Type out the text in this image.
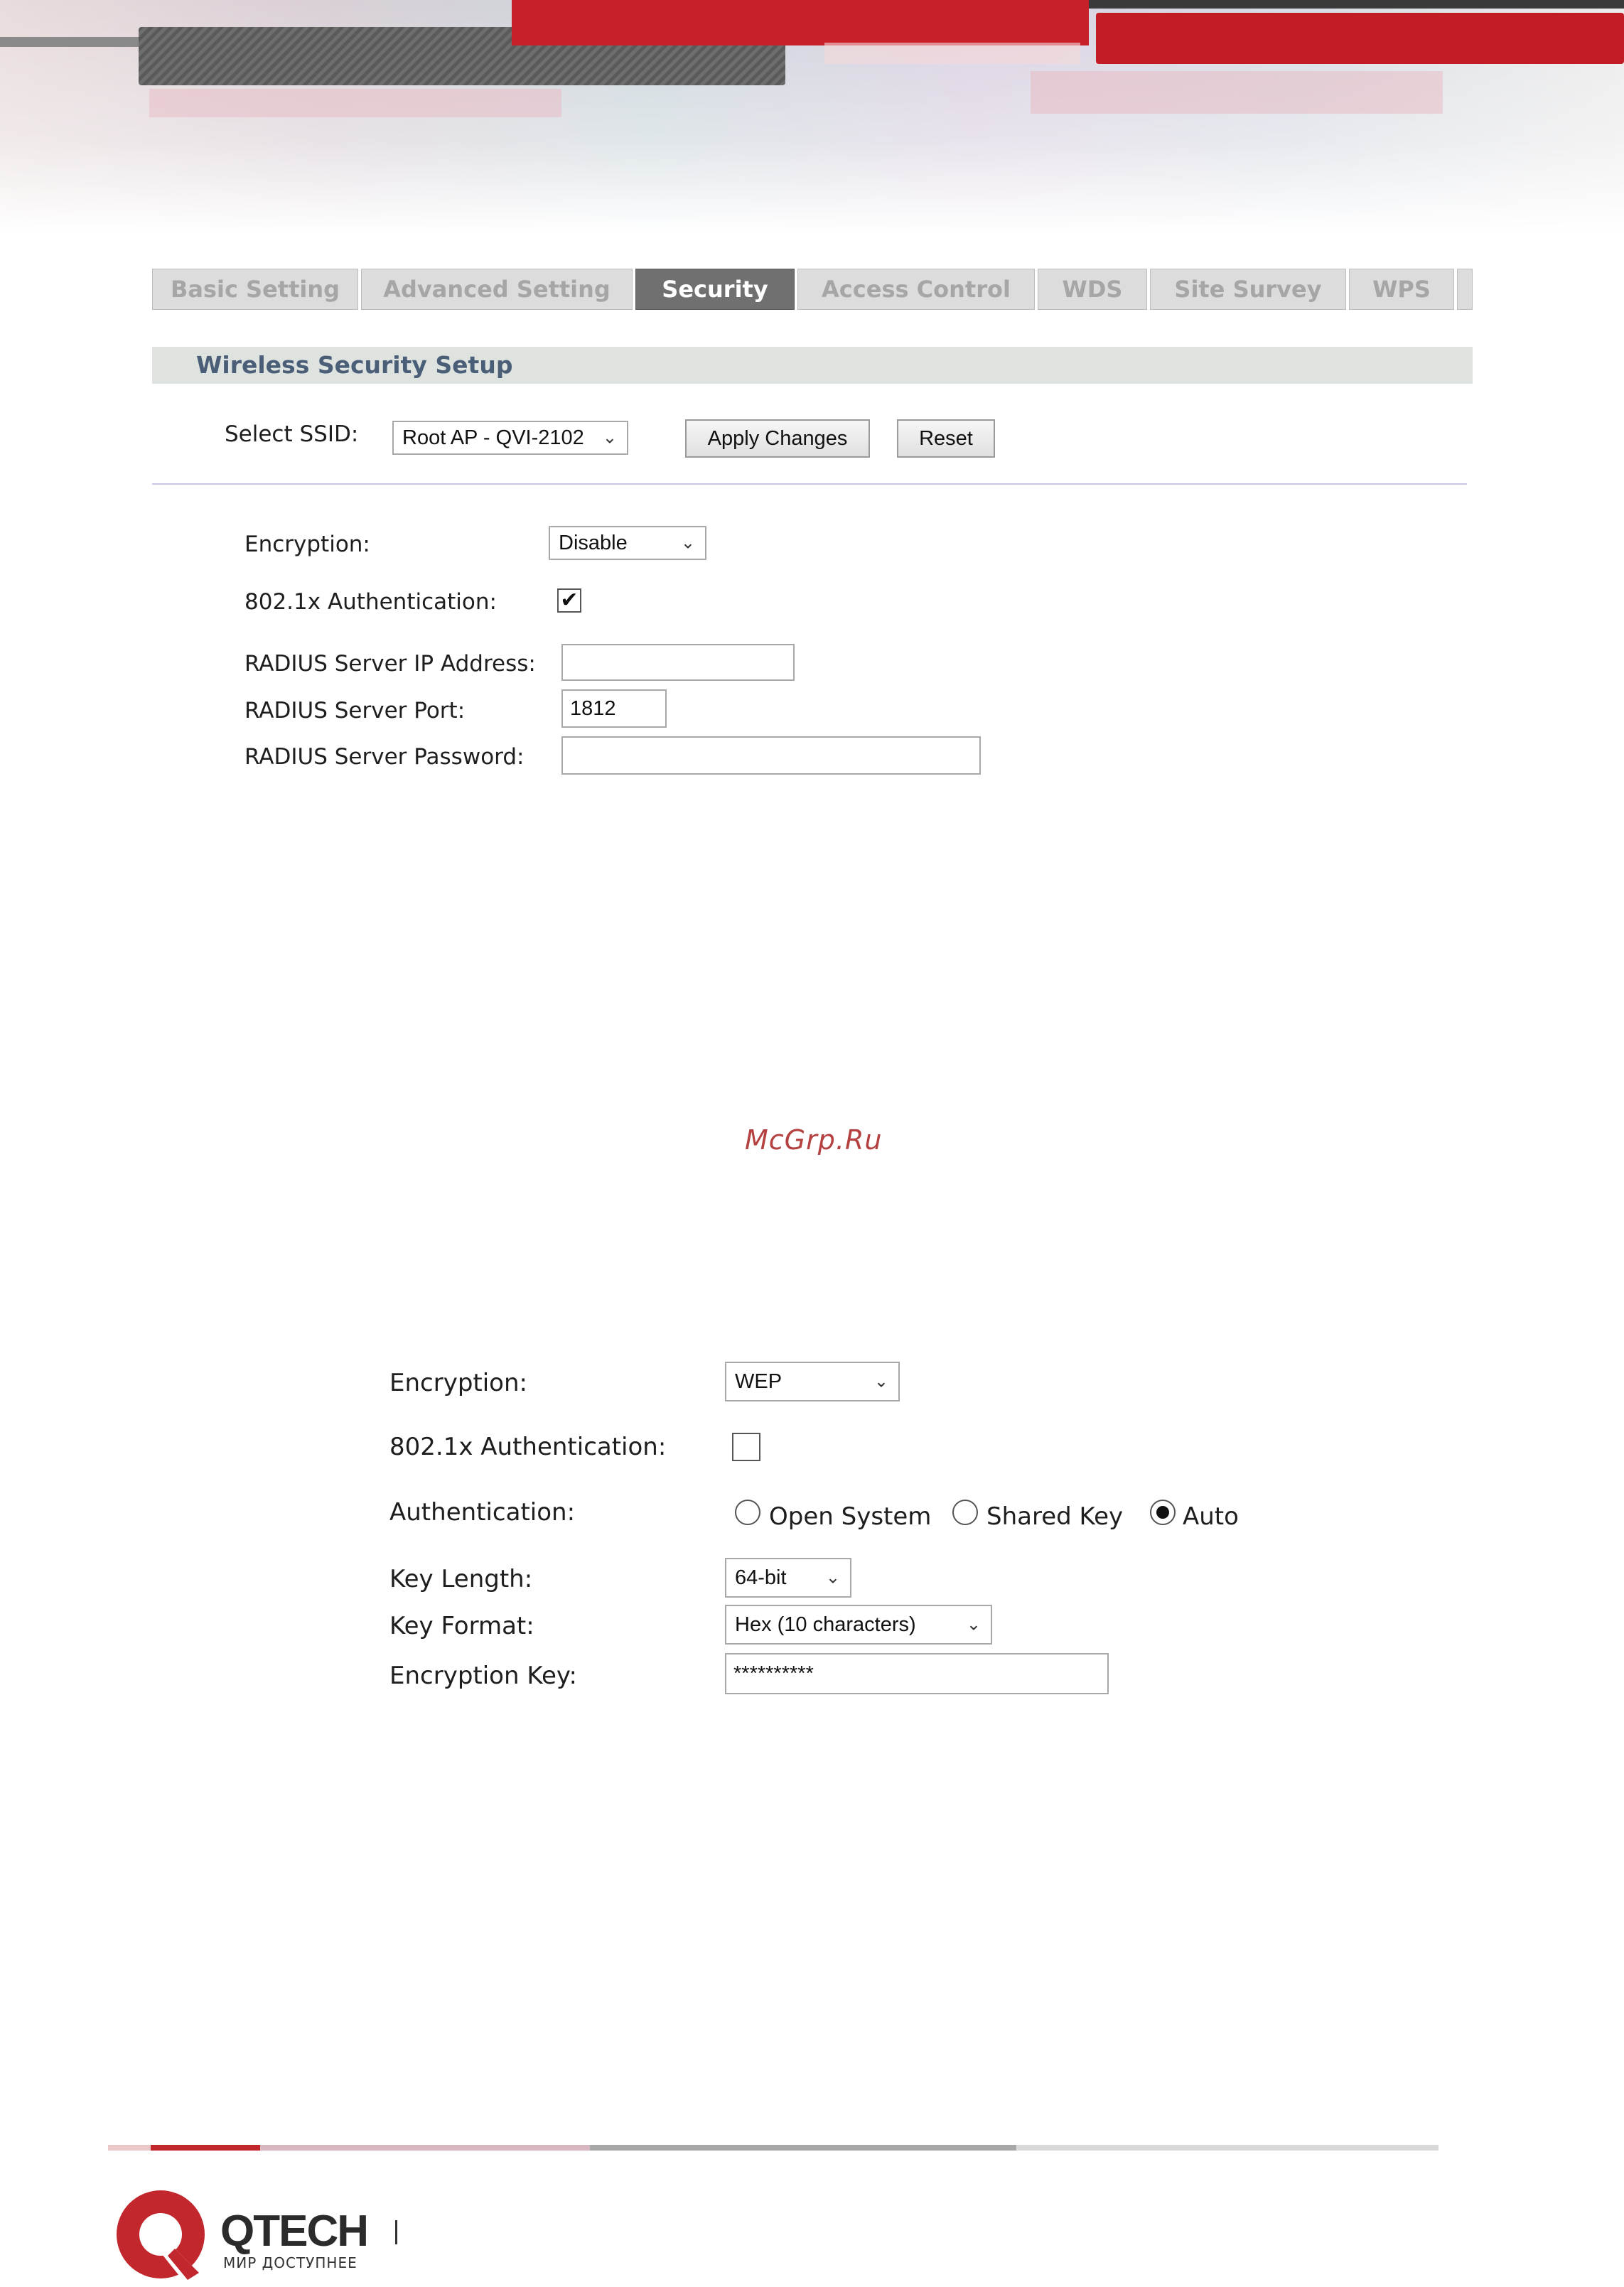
Basic Setting	Advanced Setting	Security	Access Control	WDS	Site Survey	WPS
Wireless Security Setup
Select SSID: Root AP - QVI-2102 ⌄	Apply Changes	Reset
Encryption:	Disable	⌄
802.1x Authentication:	✔
RADIUS Server IP Address:
RADIUS Server Port:	1812
RADIUS Server Password:
McGrp.Ru
Encryption:	WEP	⌄
802.1x Authentication:
Authentication:	Open System Shared Key Auto
Key Length:	64-bit ⌄
Key Format:	Hex (10 characters)	⌄
Encryption Key:	**********
QTECH
МИР ДОСТУПНЕЕ
